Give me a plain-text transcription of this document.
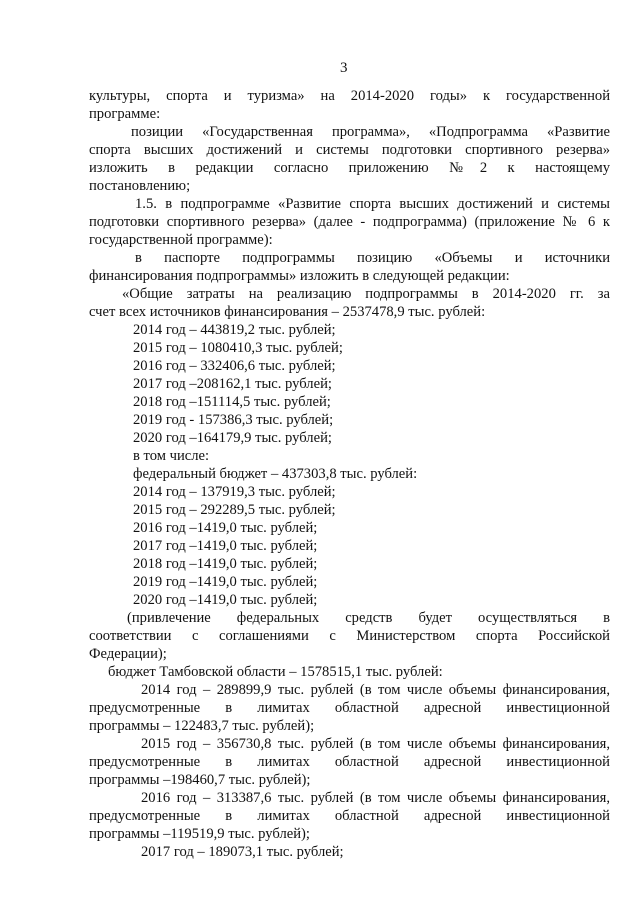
3
культуры, спорта и туризма» на 2014-2020 годы» к государственной
программе:
позиции «Государственная программа», «Подпрограмма «Развитие
спорта высших достижений и системы подготовки спортивного резерва»
изложить в редакции согласно приложению №2 к настоящему
постановлению;
1.5. в подпрограмме «Развитие спорта высших достижений и системы
подготовки спортивного резерва» (далее - подпрограмма) (приложение № 6 к
государственной программе):
в паспорте подпрограммы позицию «Объемы и источники
финансирования подпрограммы» изложить в следующей редакции:
«Общие затраты на реализацию подпрограммы в 2014-2020 гг. за
счет всех источников финансирования – 2537478,9 тыс. рублей:
2014 год – 443819,2 тыс. рублей;
2015 год – 1080410,3 тыс. рублей;
2016 год – 332406,6 тыс. рублей;
2017 год –208162,1 тыс. рублей;
2018 год –151114,5 тыс. рублей;
2019 год - 157386,3 тыс. рублей;
2020 год –164179,9 тыс. рублей;
в том числе:
федеральный бюджет – 437303,8 тыс. рублей:
2014 год – 137919,3 тыс. рублей;
2015 год – 292289,5 тыс. рублей;
2016 год –1419,0 тыс. рублей;
2017 год –1419,0 тыс. рублей;
2018 год –1419,0 тыс. рублей;
2019 год –1419,0 тыс. рублей;
2020 год –1419,0 тыс. рублей;
(привлечение федеральных средств будет осуществляться в
соответствии с соглашениями с Министерством спорта Российской
Федерации);
бюджет Тамбовской области – 1578515,1 тыс. рублей:
2014 год – 289899,9 тыс. рублей (в том числе объемы финансирования,
предусмотренные в лимитах областной адресной инвестиционной
программы – 122483,7 тыс. рублей);
2015 год – 356730,8 тыс. рублей (в том числе объемы финансирования,
предусмотренные в лимитах областной адресной инвестиционной
программы –198460,7 тыс. рублей);
2016 год – 313387,6 тыс. рублей (в том числе объемы финансирования,
предусмотренные в лимитах областной адресной инвестиционной
программы –119519,9 тыс. рублей);
2017 год – 189073,1 тыс. рублей;
